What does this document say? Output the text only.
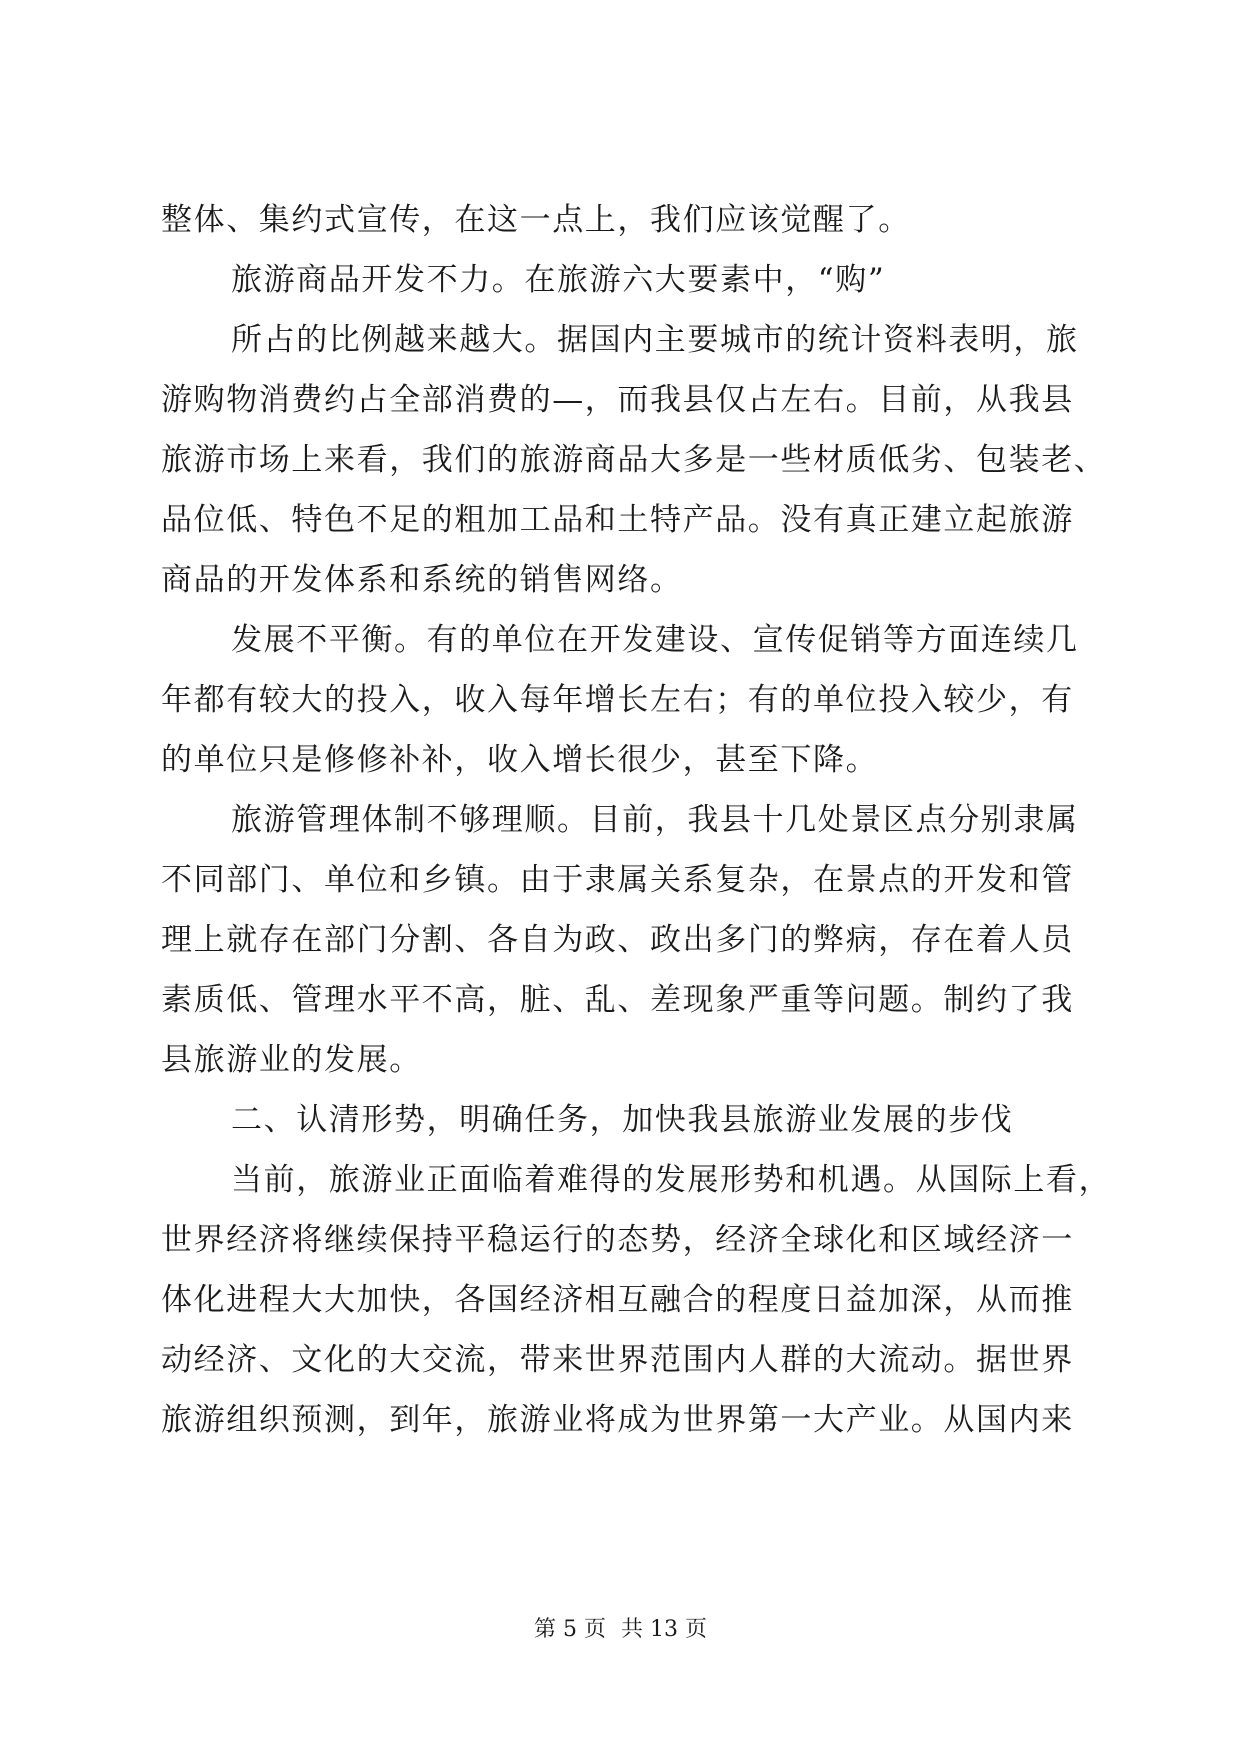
整体、集约式宣传，在这一点上，我们应该觉醒了。
旅游商品开发不力。在旅游六大要素中，“购”
所占的比例越来越大。据国内主要城市的统计资料表明，旅
游购物消费约占全部消费的—，而我县仅占左右。目前，从我县
旅游市场上来看，我们的旅游商品大多是一些材质低劣、包装老、
品位低、特色不足的粗加工品和土特产品。没有真正建立起旅游
商品的开发体系和系统的销售网络。
发展不平衡。有的单位在开发建设、宣传促销等方面连续几
年都有较大的投入，收入每年增长左右；有的单位投入较少，有
的单位只是修修补补，收入增长很少，甚至下降。
旅游管理体制不够理顺。目前，我县十几处景区点分别隶属
不同部门、单位和乡镇。由于隶属关系复杂，在景点的开发和管
理上就存在部门分割、各自为政、政出多门的弊病，存在着人员
素质低、管理水平不高，脏、乱、差现象严重等问题。制约了我
县旅游业的发展。
二、认清形势，明确任务，加快我县旅游业发展的步伐
当前，旅游业正面临着难得的发展形势和机遇。从国际上看，
世界经济将继续保持平稳运行的态势，经济全球化和区域经济一
体化进程大大加快，各国经济相互融合的程度日益加深，从而推
动经济、文化的大交流，带来世界范围内人群的大流动。据世界
旅游组织预测，到年，旅游业将成为世界第一大产业。从国内来
第 5 页 共 13 页
